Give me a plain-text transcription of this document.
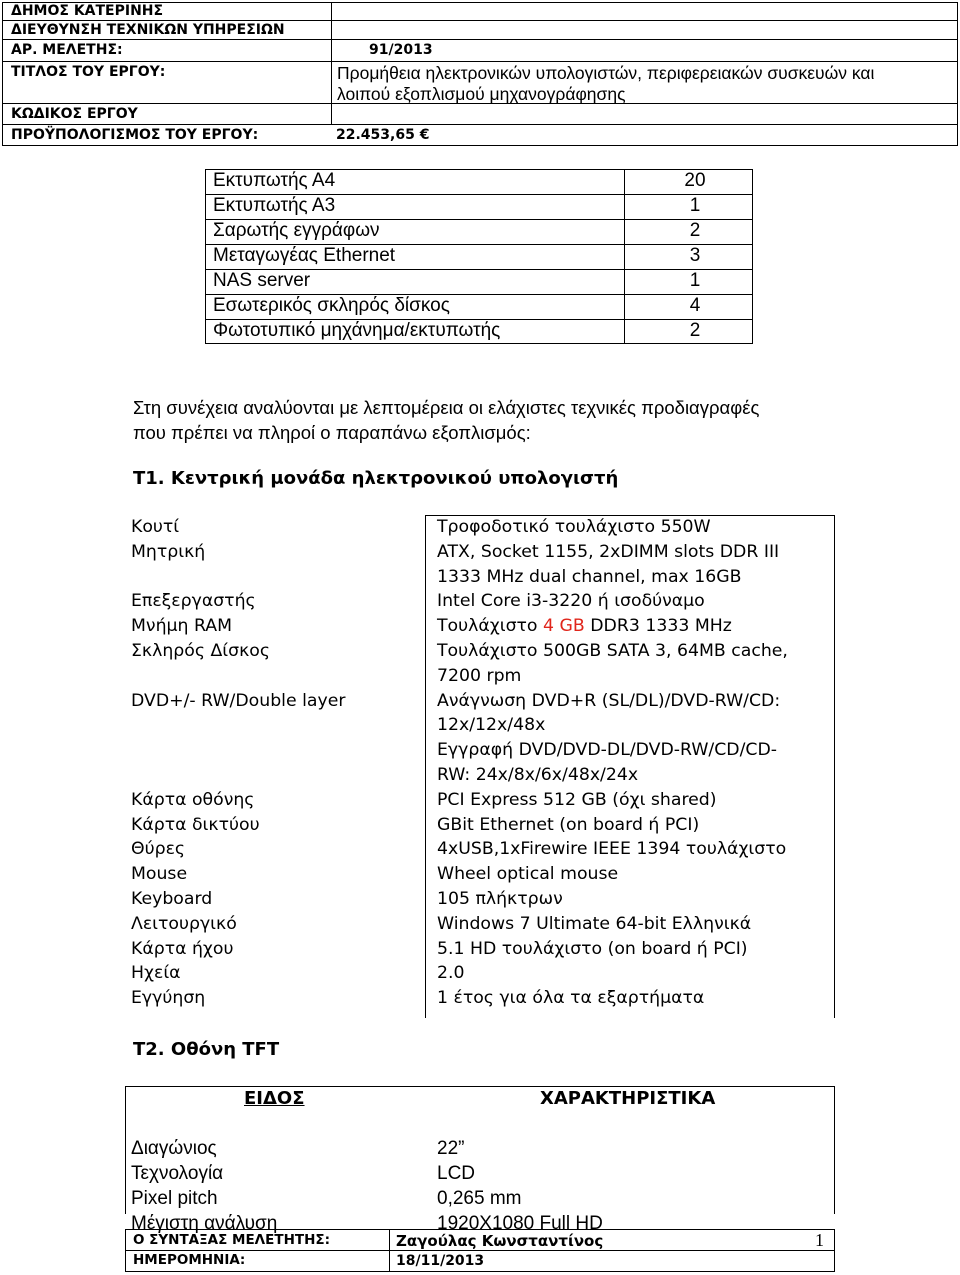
ΔΗΜΟΣ ΚΑΤΕΡΙΝΗΣ
ΔΙΕΥΘΥΝΣΗ ΤΕΧΝΙΚΩΝ ΥΠΗΡΕΣΙΩΝ
ΑΡ. ΜΕΛΕΤΗΣ:	91/2013
ΤΙΤΛΟΣ ΤΟΥ ΕΡΓΟΥ:	Προμήθεια ηλεκτρονικών υπολογιστών, περιφερειακών συσκευών και
λοιπού εξοπλισμού μηχανογράφησης
ΚΩΔΙΚΟΣ ΕΡΓΟΥ
ΠΡΟΫΠΟΛΟΓΙΣΜΟΣ ΤΟΥ ΕΡΓΟΥ:	22.453,65 €
Εκτυπωτής Α4	20
Εκτυπωτής Α3	1
Σαρωτής εγγράφων	2
Μεταγωγέας Ethernet	3
NAS server	1
Εσωτερικός σκληρός δίσκος	4
Φωτοτυπικό μηχάνημα/εκτυπωτής	2
Στη συνέχεια αναλύονται με λεπτομέρεια οι ελάχιστες τεχνικές προδιαγραφές
που πρέπει να πληροί ο παραπάνω εξοπλισμός:
Τ1. Κεντρική μονάδα ηλεκτρονικού υπολογιστή
Κουτί	Τροφοδοτικό τουλάχιστο 550W
Μητρική	ATX, Socket 1155, 2xDIMM slots DDR III
1333 MHz dual channel, max 16GB
Επεξεργαστής	Intel Core i3-3220 ή ισοδύναμο
Μνήμη RAM	Τουλάχιστο 4 GB DDR3 1333 MHz
Σκληρός Δίσκος	Τουλάχιστο 500GB SATA 3, 64MB cache,
7200 rpm
DVD+/- RW/Double layer	Ανάγνωση DVD+R (SL/DL)/DVD-RW/CD:
12x/12x/48x
Εγγραφή DVD/DVD-DL/DVD-RW/CD/CD-
RW: 24x/8x/6x/48x/24x
Κάρτα οθόνης	PCI Express 512 GB (όχι shared)
Κάρτα δικτύου	GBit Ethernet (on board ή PCI)
Θύρες	4xUSB,1xFirewire IEEE 1394 τουλάχιστο
Mouse	Wheel optical mouse
Keyboard	105 πλήκτρων
Λειτουργικό	Windows 7 Ultimate 64-bit Ελληνικά
Κάρτα ήχου	5.1 HD τουλάχιστο (on board ή PCI)
Ηχεία	2.0
Εγγύηση	1 έτος για όλα τα εξαρτήματα
Τ2. Οθόνη TFT
ΕΙΔΟΣ	ΧΑΡΑΚΤΗΡΙΣΤΙΚΑ
Διαγώνιος	22”
Τεχνολογία	LCD
Pixel pitch	0,265 mm
Μέγιστη ανάλυση	1920X1080 Full HD
Ο ΣΥΝΤΑΞΑΣ ΜΕΛΕΤΗΤΗΣ:	Ζαγούλας Κωνσταντίνος
ΗΜΕΡΟΜΗΝΙΑ:	18/11/2013
1
